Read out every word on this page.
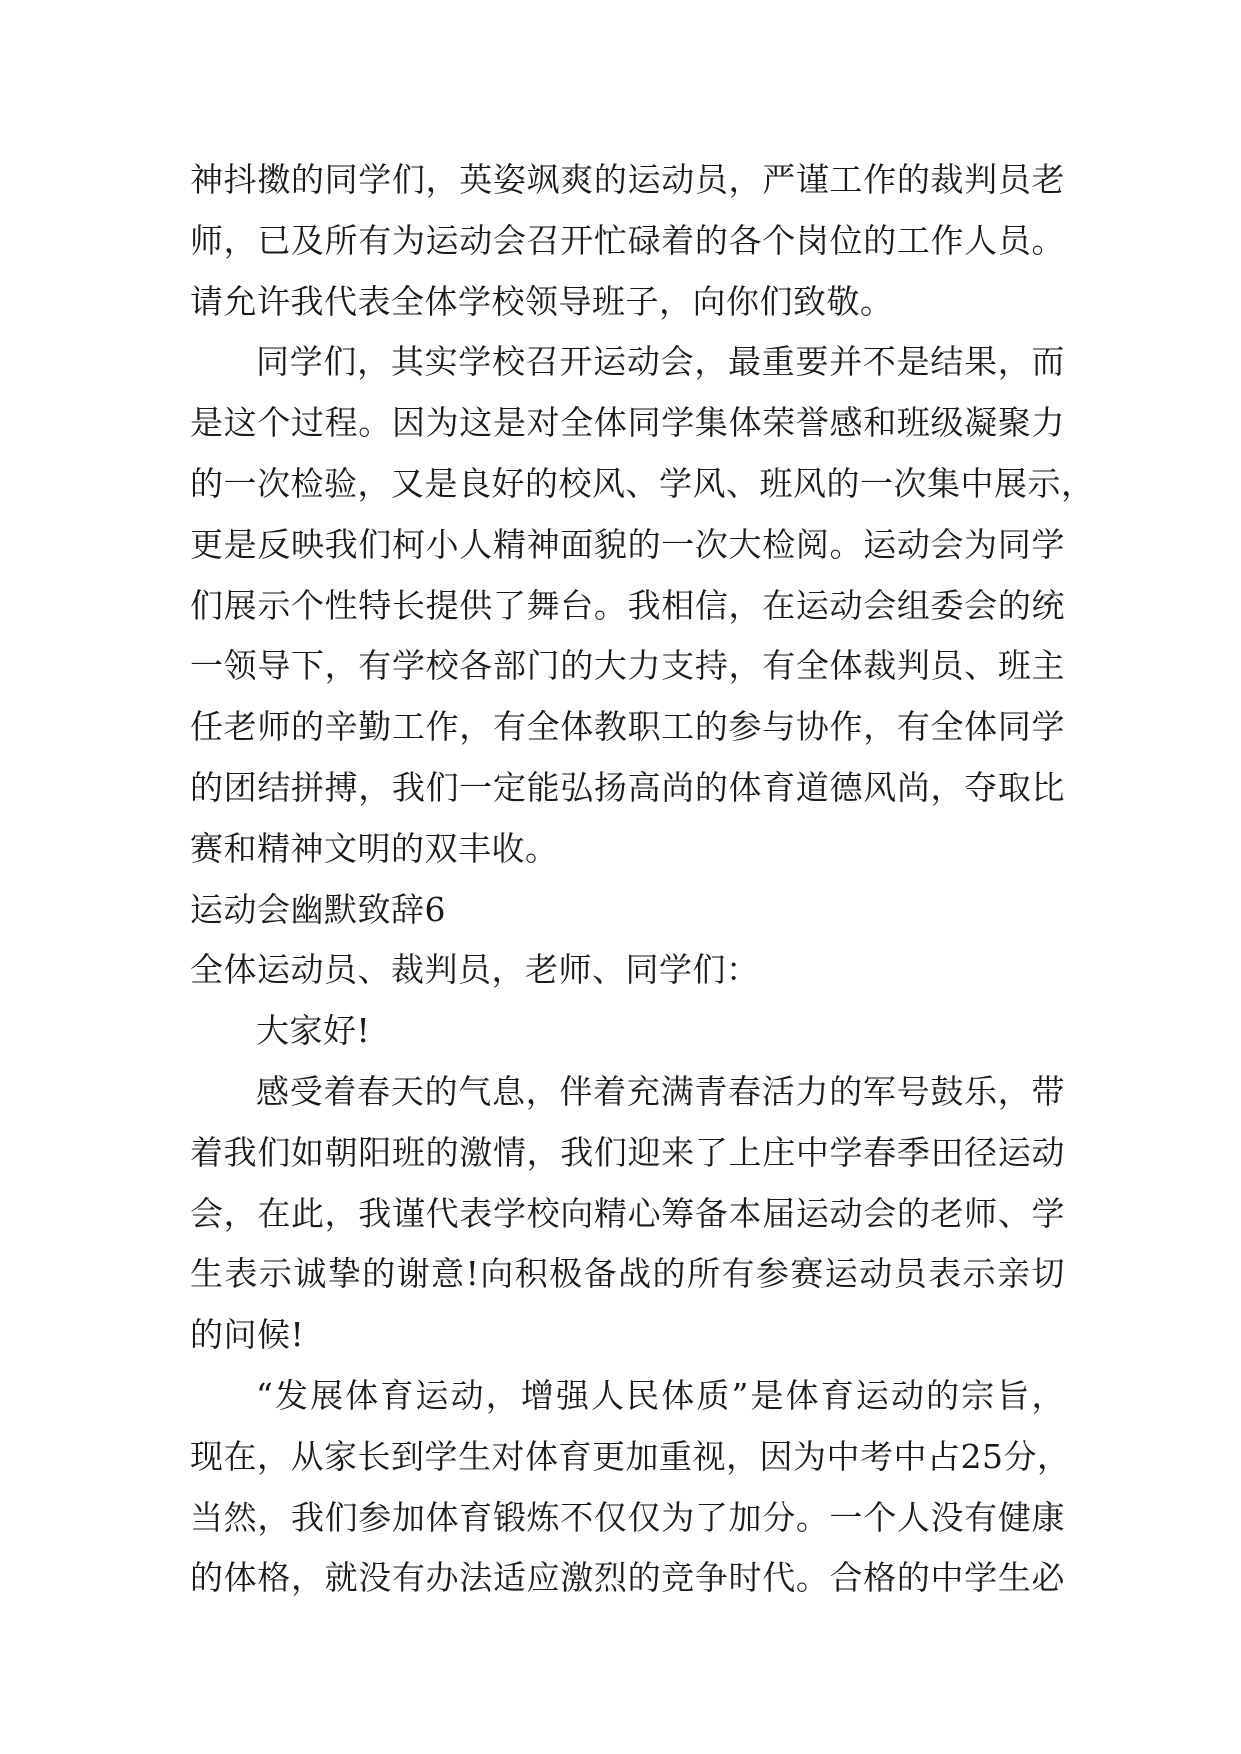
神抖擞的同学们，英姿飒爽的运动员，严谨工作的裁判员老
师，已及所有为运动会召开忙碌着的各个岗位的工作人员。
请允许我代表全体学校领导班子，向你们致敬。
同学们，其实学校召开运动会，最重要并不是结果，而
是这个过程。因为这是对全体同学集体荣誉感和班级凝聚力
的一次检验，又是良好的校风、学风、班风的一次集中展示，
更是反映我们柯小人精神面貌的一次大检阅。运动会为同学
们展示个性特长提供了舞台。我相信，在运动会组委会的统
一领导下，有学校各部门的大力支持，有全体裁判员、班主
任老师的辛勤工作，有全体教职工的参与协作，有全体同学
的团结拼搏，我们一定能弘扬高尚的体育道德风尚，夺取比
赛和精神文明的双丰收。
运动会幽默致辞6
全体运动员、裁判员，老师、同学们：
大家好!
感受着春天的气息，伴着充满青春活力的军号鼓乐，带
着我们如朝阳班的激情，我们迎来了上庄中学春季田径运动
会，在此，我谨代表学校向精心筹备本届运动会的老师、学
生表示诚挚的谢意!向积极备战的所有参赛运动员表示亲切
的问候!
“发展体育运动，增强人民体质”是体育运动的宗旨，
现在，从家长到学生对体育更加重视，因为中考中占25分，
当然，我们参加体育锻炼不仅仅为了加分。一个人没有健康
的体格，就没有办法适应激烈的竞争时代。合格的中学生必
